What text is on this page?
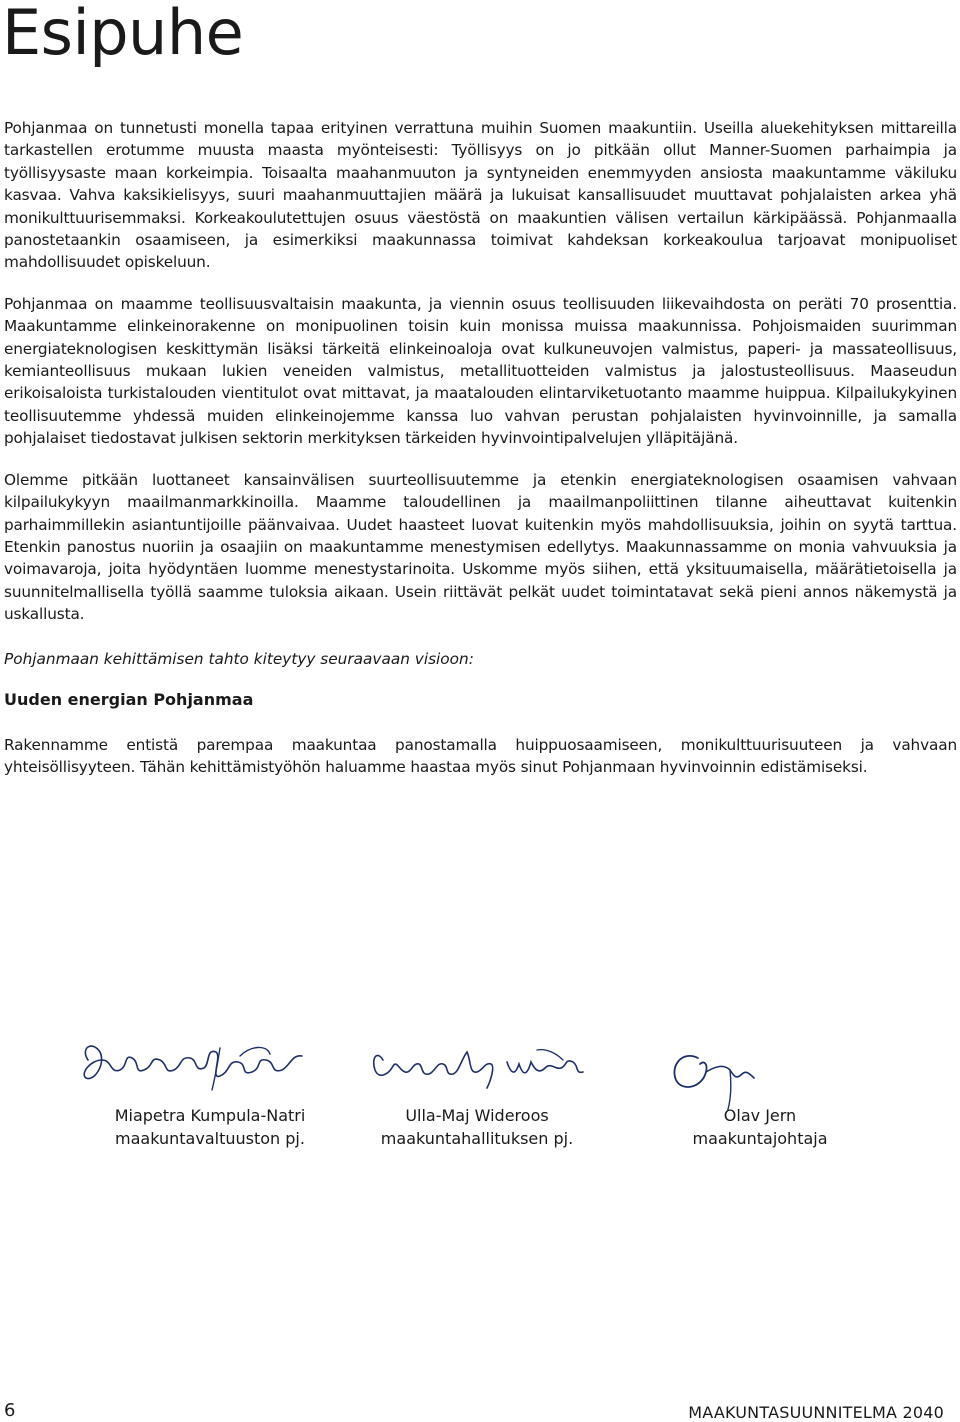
Esipuhe

Pohjanmaa on tunnetusti monella tapaa erityinen verrattuna muihin Suomen maakuntiin. Useilla aluekehityksen mittareilla tarkastellen erotumme muusta maasta myönteisesti: Työllisyys on jo pitkään ollut Manner-Suomen parhaimpia ja työllisyysaste maan korkeimpia. Toisaalta maahanmuuton ja syntyneiden enemmyyden ansiosta maakuntamme väkiluku kasvaa. Vahva kaksikielisyys, suuri maahanmuuttajien määrä ja lukuisat kansallisuudet muuttavat pohjalaisten arkea yhä monikulttuurisemmaksi. Korkeakoulutettujen osuus väestöstä on maakuntien välisen vertailun kärkipäässä. Pohjanmaalla panostetaankin osaamiseen, ja esimerkiksi maakunnassa toimivat kahdeksan korkeakoulua tarjoavat monipuoliset mahdollisuudet opiskeluun.

Pohjanmaa on maamme teollisuusvaltaisin maakunta, ja viennin osuus teollisuuden liikevaihdosta on peräti 70 prosenttia. Maakuntamme elinkeinorakenne on monipuolinen toisin kuin monissa muissa maakunnissa. Pohjoismaiden suurimman energiateknologisen keskittymän lisäksi tärkeitä elinkeinoaloja ovat kulkuneuvojen valmistus, paperi- ja massateollisuus, kemianteollisuus mukaan lukien veneiden valmistus, metallituotteiden valmistus ja jalostusteollisuus. Maaseudun erikoisaloista turkistalouden vientitulot ovat mittavat, ja maatalouden elintarviketuotanto maamme huippua. Kilpailukykyinen teollisuutemme yhdessä muiden elinkeinojemme kanssa luo vahvan perustan pohjalaisten hyvinvoinnille, ja samalla pohjalaiset tiedostavat julkisen sektorin merkityksen tärkeiden hyvinvointipalvelujen ylläpitäjänä.

Olemme pitkään luottaneet kansainvälisen suurteollisuutemme ja etenkin energiateknologisen osaamisen vahvaan kilpailukykyyn maailmanmarkkinoilla. Maamme taloudellinen ja maailmanpoliittinen tilanne aiheuttavat kuitenkin parhaimmillekin asiantuntijoille päänvaivaa. Uudet haasteet luovat kuitenkin myös mahdollisuuksia, joihin on syytä tarttua. Etenkin panostus nuoriin ja osaajiin on maakuntamme menestymisen edellytys. Maakunnassamme on monia vahvuuksia ja voimavaroja, joita hyödyntäen luomme menestystarinoita. Uskomme myös siihen, että yksituumaisella, määrätietoisella ja suunnitelmallisella työllä saamme tuloksia aikaan. Usein riittävät pelkät uudet toimintatavat sekä pieni annos näkemystä ja uskallusta.

Pohjanmaan kehittämisen tahto kiteytyy seuraavaan visioon:

Uuden energian Pohjanmaa

Rakennamme entistä parempaa maakuntaa panostamalla huippuosaamiseen, monikulttuurisuuteen ja vahvaan yhteisöllisyyteen. Tähän kehittämistyöhön haluamme haastaa myös sinut Pohjanmaan hyvinvoinnin edistämiseksi.

Miapetra Kumpula-Natri
maakuntavaltuuston pj.
Ulla-Maj Wideroos
maakuntahallituksen pj.
Olav Jern
maakuntajohtaja
6	MAAKUNTASUUNNITELMA 2040
